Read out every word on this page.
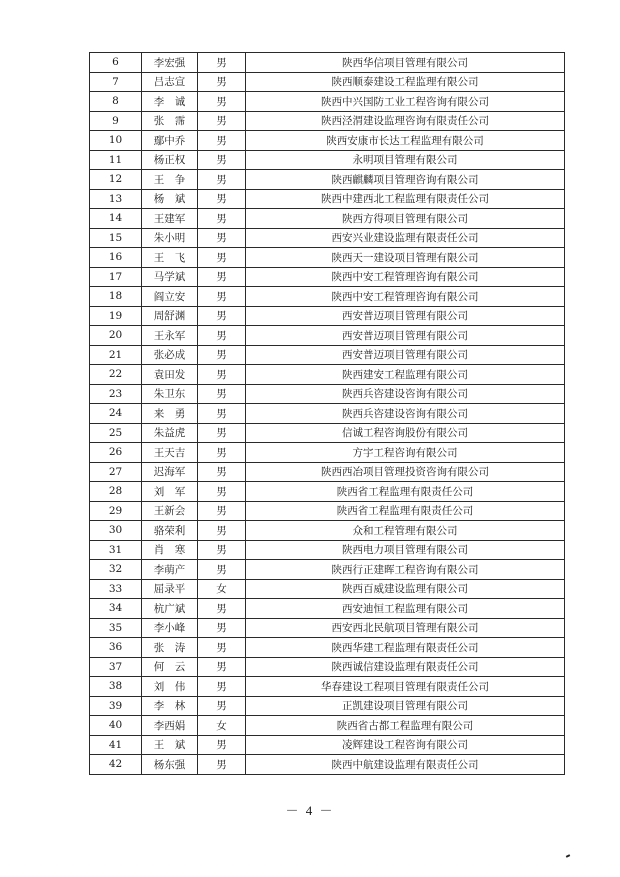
6	李宏强	男	陕西华信项目管理有限公司
7	吕志宣	男	陕西顺泰建设工程监理有限公司
8	李　诚	男	陕西中兴国防工业工程咨询有限公司
9	张　霈	男	陕西泾渭建设监理咨询有限责任公司
10	鄢中乔	男	陕西安康市长达工程监理有限公司
11	杨正权	男	永明项目管理有限公司
12	王　争	男	陕西麒麟项目管理咨询有限公司
13	杨　斌	男	陕西中建西北工程监理有限责任公司
14	王建军	男	陕西方得项目管理有限公司
15	朱小明	男	西安兴业建设监理有限责任公司
16	王　飞	男	陕西天一建设项目管理有限公司
17	马学斌	男	陕西中安工程管理咨询有限公司
18	阎立安	男	陕西中安工程管理咨询有限公司
19	周舒渊	男	西安普迈项目管理有限公司
20	王永军	男	西安普迈项目管理有限公司
21	张必成	男	西安普迈项目管理有限公司
22	袁田发	男	陕西建安工程监理有限公司
23	朱卫东	男	陕西兵咨建设咨询有限公司
24	来　勇	男	陕西兵咨建设咨询有限公司
25	朱益虎	男	信诚工程咨询股份有限公司
26	王天吉	男	方宇工程咨询有限公司
27	迟海军	男	陕西西冶项目管理投资咨询有限公司
28	刘　军	男	陕西省工程监理有限责任公司
29	王新会	男	陕西省工程监理有限责任公司
30	骆荣利	男	众和工程管理有限公司
31	肖　寒	男	陕西电力项目管理有限公司
32	李萌产	男	陕西行正建晖工程咨询有限公司
33	屈录平	女	陕西百威建设监理有限公司
34	杭广斌	男	西安迪恒工程监理有限公司
35	李小峰	男	西安西北民航项目管理有限公司
36	张　涛	男	陕西华建工程监理有限责任公司
37	何　云	男	陕西诚信建设监理有限责任公司
38	刘　伟	男	华春建设工程项目管理有限责任公司
39	李　林	男	正凯建设项目管理有限公司
40	李西娟	女	陕西省古都工程监理有限公司
41	王　斌	男	凌辉建设工程咨询有限公司
42	杨东强	男	陕西中航建设监理有限责任公司
－ 4 －
